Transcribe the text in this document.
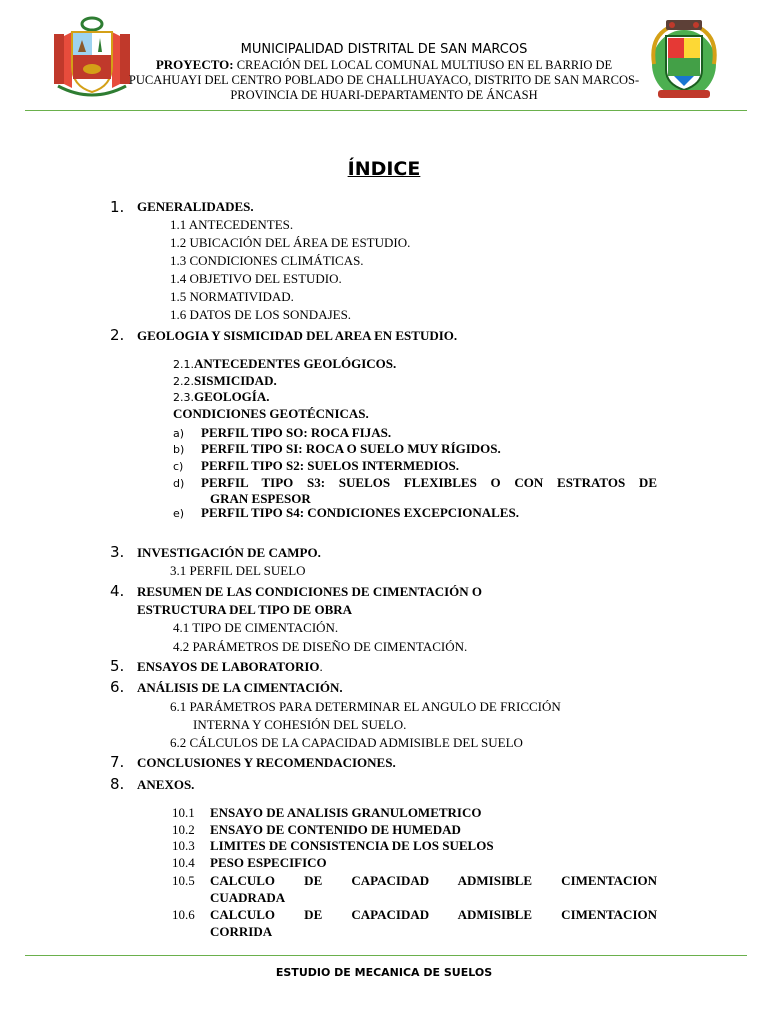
MUNICIPALIDAD DISTRITAL DE SAN MARCOS
PROYECTO: CREACIÓN DEL LOCAL COMUNAL MULTIUSO EN EL BARRIO DE
PUCAHUAYI DEL CENTRO POBLADO DE CHALLHUAYACO, DISTRITO DE SAN MARCOS-
PROVINCIA DE HUARI-DEPARTAMENTO DE ÁNCASH
ÍNDICE
1. GENERALIDADES.
1.1 ANTECEDENTES.
1.2 UBICACIÓN DEL ÁREA DE ESTUDIO.
1.3 CONDICIONES CLIMÁTICAS.
1.4 OBJETIVO DEL ESTUDIO.
1.5 NORMATIVIDAD.
1.6 DATOS DE LOS SONDAJES.
2. GEOLOGIA Y SISMICIDAD DEL AREA EN ESTUDIO.
2.1.ANTECEDENTES GEOLÓGICOS.
2.2.SISMICIDAD.
2.3.GEOLOGÍA.
CONDICIONES GEOTÉCNICAS.
a) PERFIL TIPO SO: ROCA FIJAS.
b) PERFIL TIPO SI: ROCA O SUELO MUY RÍGIDOS.
c) PERFIL TIPO S2: SUELOS INTERMEDIOS.
d) PERFIL TIPO S3: SUELOS FLEXIBLES O CON ESTRATOS DE
GRAN ESPESOR
e) PERFIL TIPO S4: CONDICIONES EXCEPCIONALES.
3. INVESTIGACIÓN DE CAMPO.
3.1 PERFIL DEL SUELO
4. RESUMEN DE LAS CONDICIONES DE CIMENTACIÓN O
ESTRUCTURA DEL TIPO DE OBRA
4.1 TIPO DE CIMENTACIÓN.
4.2 PARÁMETROS DE DISEÑO DE CIMENTACIÓN.
5. ENSAYOS DE LABORATORIO.
6. ANÁLISIS DE LA CIMENTACIÓN.
6.1 PARÁMETROS PARA DETERMINAR EL ANGULO DE FRICCIÓN
INTERNA Y COHESIÓN DEL SUELO.
6.2 CÁLCULOS DE LA CAPACIDAD ADMISIBLE DEL SUELO
7. CONCLUSIONES Y RECOMENDACIONES.
8. ANEXOS.
10.1 ENSAYO DE ANALISIS GRANULOMETRICO
10.2 ENSAYO DE CONTENIDO DE HUMEDAD
10.3 LIMITES DE CONSISTENCIA DE LOS SUELOS
10.4 PESO ESPECIFICO
10.5 CALCULO DE CAPACIDAD ADMISIBLE CIMENTACION
CUADRADA
10.6 CALCULO DE CAPACIDAD ADMISIBLE CIMENTACION
CORRIDA
ESTUDIO DE MECANICA DE SUELOS
